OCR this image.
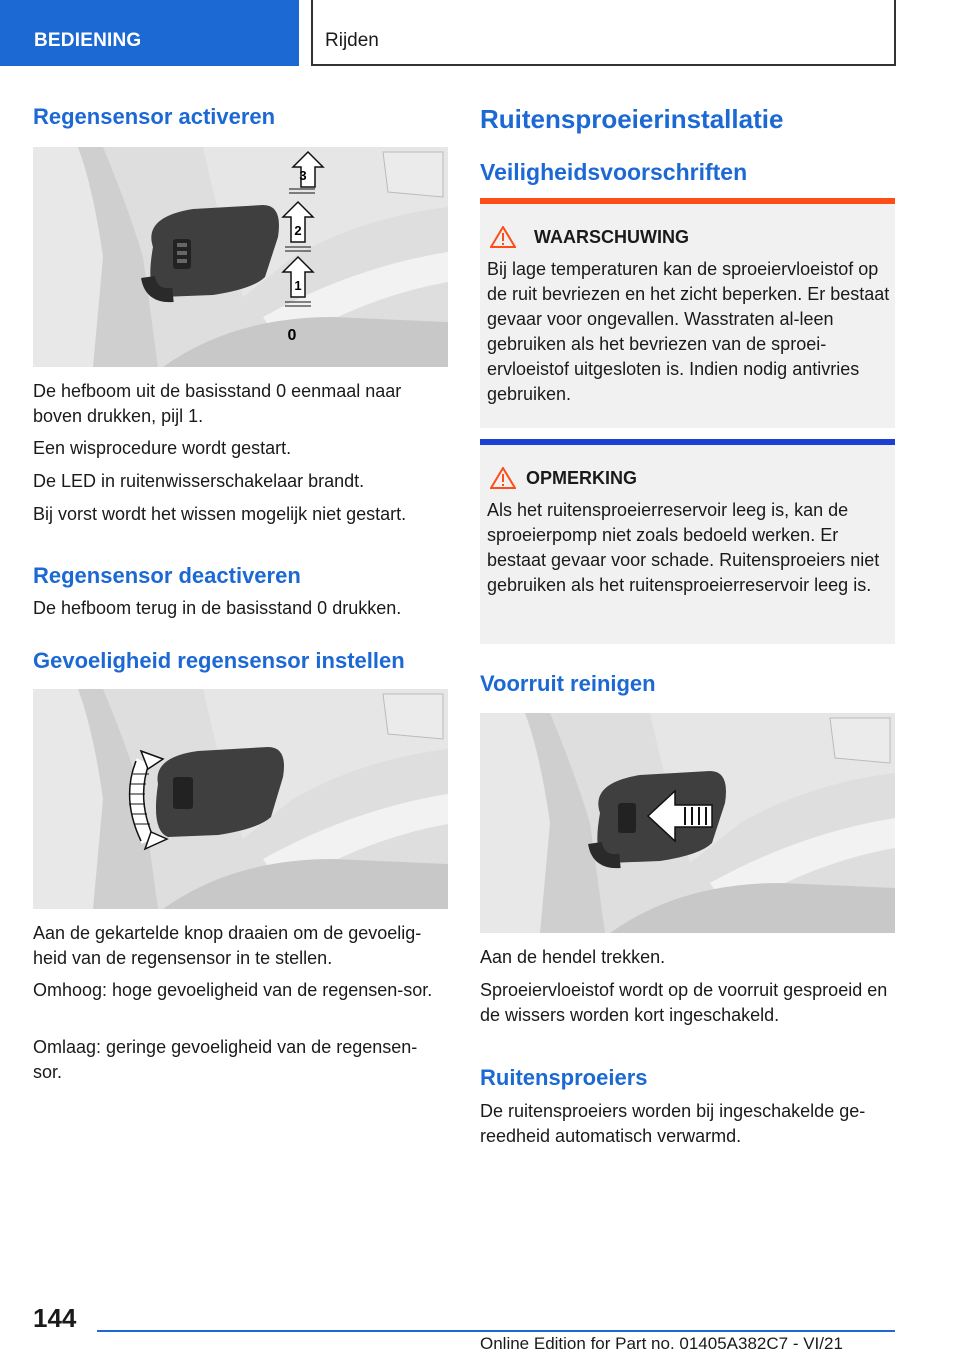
BEDIENING	Rijden
Regensensor activeren
3
2
1
0

De hefboom uit de basisstand 0 eenmaal naar boven drukken, pijl 1.

Een wisprocedure wordt gestart.

De LED in ruitenwisserschakelaar brandt.

Bij vorst wordt het wissen mogelijk niet gestart.

Regensensor deactiveren

De hefboom terug in de basisstand 0 drukken.

Gevoeligheid regensensor instellen

Aan de gekartelde knop draaien om de gevoelig-heid van de regensensor in te stellen.

Omhoog: hoge gevoeligheid van de regensen-sor.

Omlaag: geringe gevoeligheid van de regensen-sor.

Ruitensproeierinstallatie
Veiligheidsvoorschriften
WAARSCHUWING
Bij lage temperaturen kan de sproeiervloeistof op de ruit bevriezen en het zicht beperken. Er bestaat gevaar voor ongevallen. Wasstraten al-leen gebruiken als het bevriezen van de sproei-ervloeistof uitgesloten is. Indien nodig antivries gebruiken.
OPMERKING
Als het ruitensproeierreservoir leeg is, kan de sproeierpomp niet zoals bedoeld werken. Er bestaat gevaar voor schade. Ruitensproeiers niet gebruiken als het ruitensproeierreservoir leeg is.
Voorruit reinigen

Aan de hendel trekken.

Sproeiervloeistof wordt op de voorruit gesproeid en de wissers worden kort ingeschakeld.

Ruitensproeiers

De ruitensproeiers worden bij ingeschakelde ge-reedheid automatisch verwarmd.

144
Online Edition for Part no. 01405A382C7 - VI/21
